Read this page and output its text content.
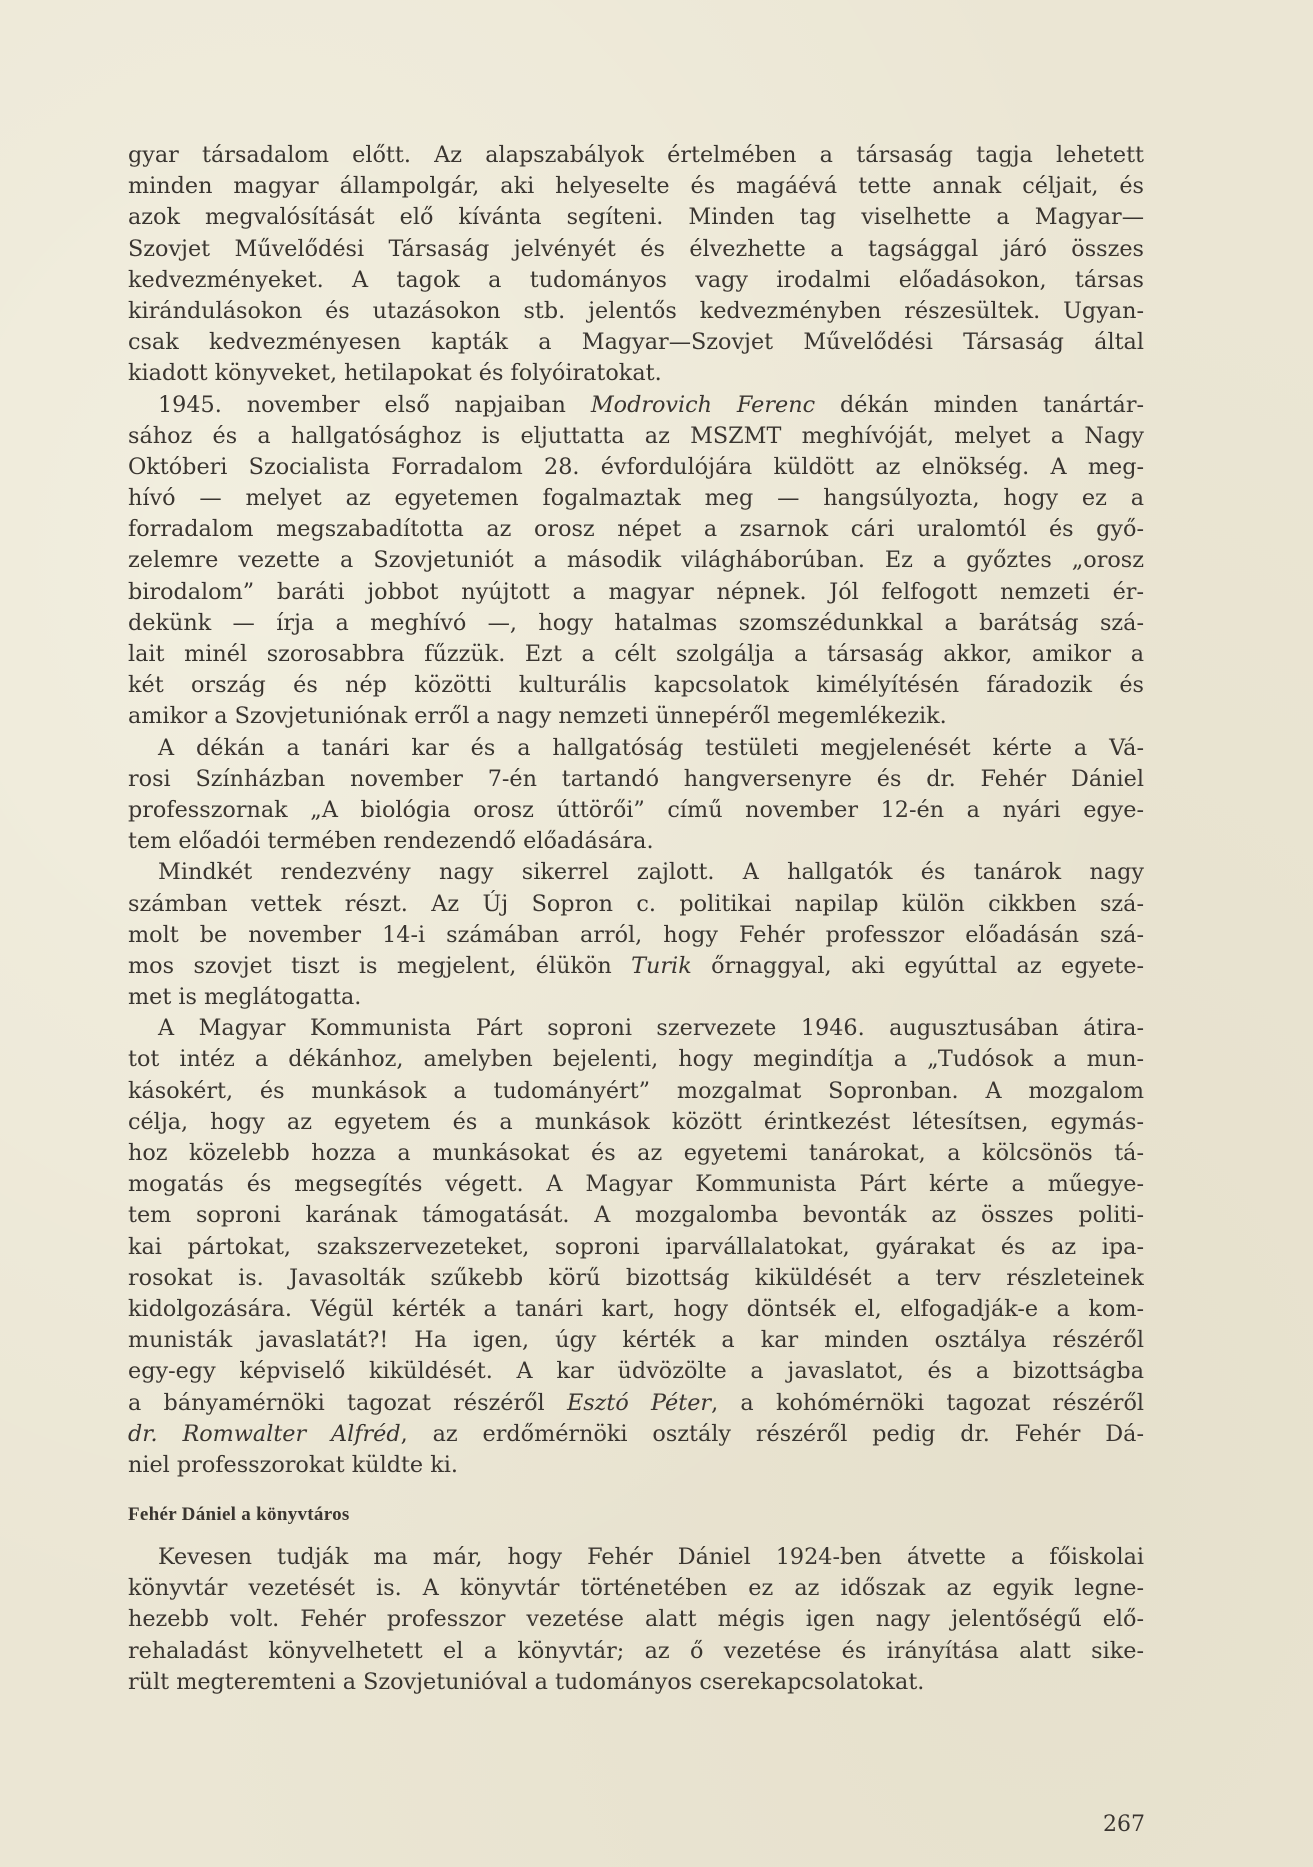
gyar társadalom előtt. Az alapszabályok értelmében a társaság tagja lehetett
minden magyar állampolgár, aki helyeselte és magáévá tette annak céljait, és
azok megvalósítását elő kívánta segíteni. Minden tag viselhette a Magyar—
Szovjet Művelődési Társaság jelvényét és élvezhette a tagsággal járó összes
kedvezményeket. A tagok a tudományos vagy irodalmi előadásokon, társas
kirándulásokon és utazásokon stb. jelentős kedvezményben részesültek. Ugyan-
csak kedvezményesen kapták a Magyar—Szovjet Művelődési Társaság által
kiadott könyveket, hetilapokat és folyóiratokat.
1945. november első napjaiban Modrovich Ferenc dékán minden tanártár-
sához és a hallgatósághoz is eljuttatta az MSZMT meghívóját, melyet a Nagy
Októberi Szocialista Forradalom 28. évfordulójára küldött az elnökség. A meg-
hívó — melyet az egyetemen fogalmaztak meg — hangsúlyozta, hogy ez a
forradalom megszabadította az orosz népet a zsarnok cári uralomtól és győ-
zelemre vezette a Szovjetuniót a második világháborúban. Ez a győztes „orosz
birodalom” baráti jobbot nyújtott a magyar népnek. Jól felfogott nemzeti ér-
dekünk — írja a meghívó —, hogy hatalmas szomszédunkkal a barátság szá-
lait minél szorosabbra fűzzük. Ezt a célt szolgálja a társaság akkor, amikor a
két ország és nép közötti kulturális kapcsolatok kimélyítésén fáradozik és
amikor a Szovjetuniónak erről a nagy nemzeti ünnepéről megemlékezik.
A dékán a tanári kar és a hallgatóság testületi megjelenését kérte a Vá-
rosi Színházban november 7-én tartandó hangversenyre és dr. Fehér Dániel
professzornak „A biológia orosz úttörői” című november 12-én a nyári egye-
tem előadói termében rendezendő előadására.
Mindkét rendezvény nagy sikerrel zajlott. A hallgatók és tanárok nagy
számban vettek részt. Az Új Sopron c. politikai napilap külön cikkben szá-
molt be november 14-i számában arról, hogy Fehér professzor előadásán szá-
mos szovjet tiszt is megjelent, élükön Turik őrnaggyal, aki egyúttal az egyete-
met is meglátogatta.
A Magyar Kommunista Párt soproni szervezete 1946. augusztusában átira-
tot intéz a dékánhoz, amelyben bejelenti, hogy megindítja a „Tudósok a mun-
kásokért, és munkások a tudományért” mozgalmat Sopronban. A mozgalom
célja, hogy az egyetem és a munkások között érintkezést létesítsen, egymás-
hoz közelebb hozza a munkásokat és az egyetemi tanárokat, a kölcsönös tá-
mogatás és megsegítés végett. A Magyar Kommunista Párt kérte a műegye-
tem soproni karának támogatását. A mozgalomba bevonták az összes politi-
kai pártokat, szakszervezeteket, soproni iparvállalatokat, gyárakat és az ipa-
rosokat is. Javasolták szűkebb körű bizottság kiküldését a terv részleteinek
kidolgozására. Végül kérték a tanári kart, hogy döntsék el, elfogadják-e a kom-
munisták javaslatát?! Ha igen, úgy kérték a kar minden osztálya részéről
egy-egy képviselő kiküldését. A kar üdvözölte a javaslatot, és a bizottságba
a bányamérnöki tagozat részéről Esztó Péter, a kohómérnöki tagozat részéről
dr. Romwalter Alfréd, az erdőmérnöki osztály részéről pedig dr. Fehér Dá-
niel professzorokat küldte ki.
Fehér Dániel a könyvtáros
Kevesen tudják ma már, hogy Fehér Dániel 1924-ben átvette a főiskolai
könyvtár vezetését is. A könyvtár történetében ez az időszak az egyik legne-
hezebb volt. Fehér professzor vezetése alatt mégis igen nagy jelentőségű elő-
rehaladást könyvelhetett el a könyvtár; az ő vezetése és irányítása alatt sike-
rült megteremteni a Szovjetunióval a tudományos cserekapcsolatokat.
267
